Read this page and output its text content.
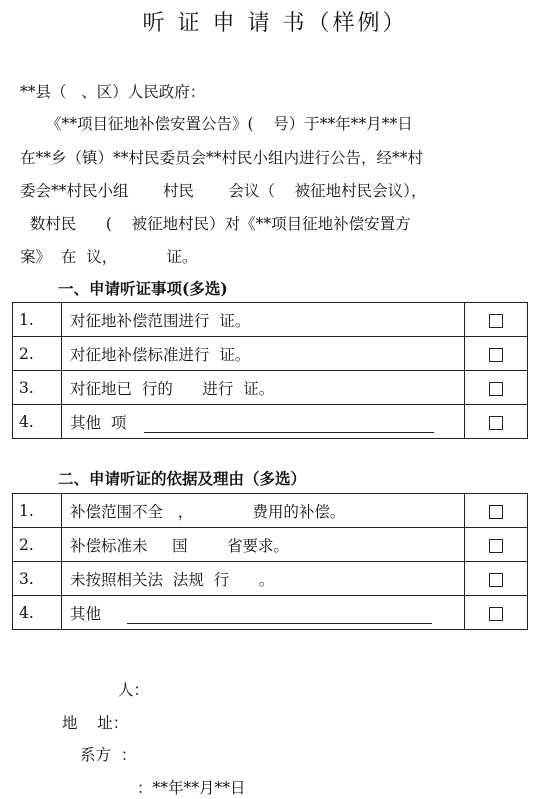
听 证 申 请 书（样例）
**县（   、区）人民政府：
《**项目征地补偿安置公告》(    号）于**年**月**日
在**乡（镇）**村民委员会**村民小组内进行公告，经**村
委会**村民小组       村民       会议（    被征地村民会议），
数村民      (    被征地村民）对《**项目征地补偿安置方
案》  在  议，          证。
一、申请听证事项(多选)
1.	对征地补偿范围进行  证。	
2.	对征地补偿标准进行  证。	
3.	对征地已  行的      进行  证。	
4.	其他  项	
二、申请听证的依据及理由（多选）
1.	补偿范围不全   ，            费用的补偿。	
2.	补偿标准未     国        省要求。	
3.	未按照相关法  法规  行      。	
4.	其他	
人：
地    址：
系方  ：
：**年**月**日
